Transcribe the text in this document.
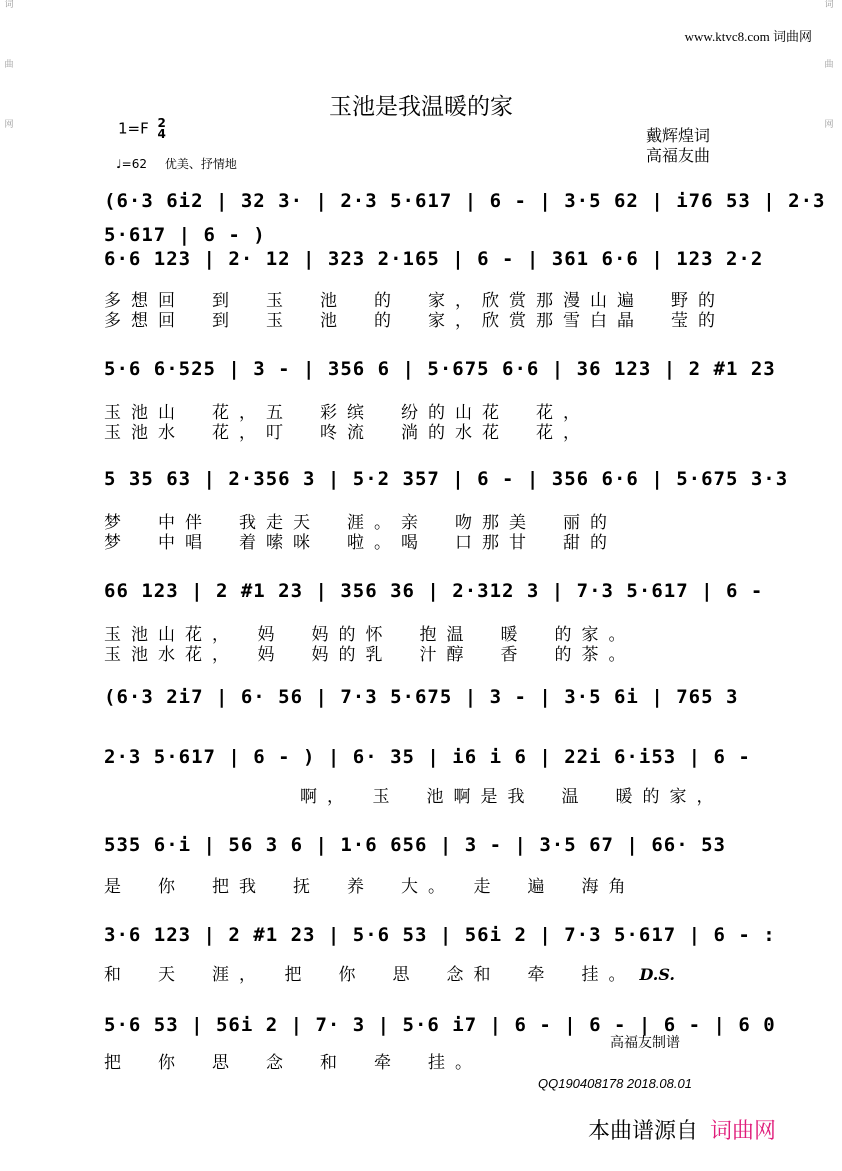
词
曲
网
词
曲
网
www.ktvc8.com 词曲网
玉池是我温暖的家
1=F 2
4
♩=62 优美、抒情地
戴辉煌词
高福友曲
(6·3 6i2 | 32 3· | 2·3 5·617 | 6 - | 3·5 62 | i76 53 | 2·3 5·617 | 6 - )
6·6 123 | 2· 12 | 323 2·165 | 6 - | 361 6·6 | 123 2·2
多想回　到　玉　池　的　家，欣赏那漫山遍　野的
多想回　到　玉　池　的　家，欣赏那雪白晶　莹的
5·6 6·525 | 3 - | 356 6 | 5·675 6·6 | 36 123 | 2 #1 23
玉池山　花，五　彩缤　纷的山花　花，
玉池水　花，叮　咚流　淌的水花　花，
5 35 63 | 2·356 3 | 5·2 357 | 6 - | 356 6·6 | 5·675 3·3
梦　中伴　我走天　涯。亲　吻那美　丽的
梦　中唱　着嗦咪　啦。喝　口那甘　甜的
66 123 | 2 #1 23 | 356 36 | 2·312 3 | 7·3 5·617 | 6 -
玉池山花，　妈　妈的怀　抱温　暖　的家。
玉池水花，　妈　妈的乳　汁醇　香　的茶。
(6·3 2i7 | 6· 56 | 7·3 5·675 | 3 - | 3·5 6i | 765 3
2·3 5·617 | 6 - ) | 6· 35 | i6 i 6 | 22i 6·i53 | 6 -
啊，　玉　池啊是我　温　暖的家，
535 6·i | 56 3 6 | 1·6 656 | 3 - | 3·5 67 | 66· 53
是　你　把我　抚　养　大。　走　遍　海角
3·6 123 | 2 #1 23 | 5·6 53 | 56i 2 | 7·3 5·617 | 6 - :
和　天　涯，　把　你　思　念和　牵　挂。 D.S.
5·6 53 | 56i 2 | 7· 3 | 5·6 i7 | 6 - | 6 - | 6 - | 6 0
把　你　思　念　和　牵　挂。
高福友制谱
QQ190408178 2018.08.01
本曲谱源自 词曲网
